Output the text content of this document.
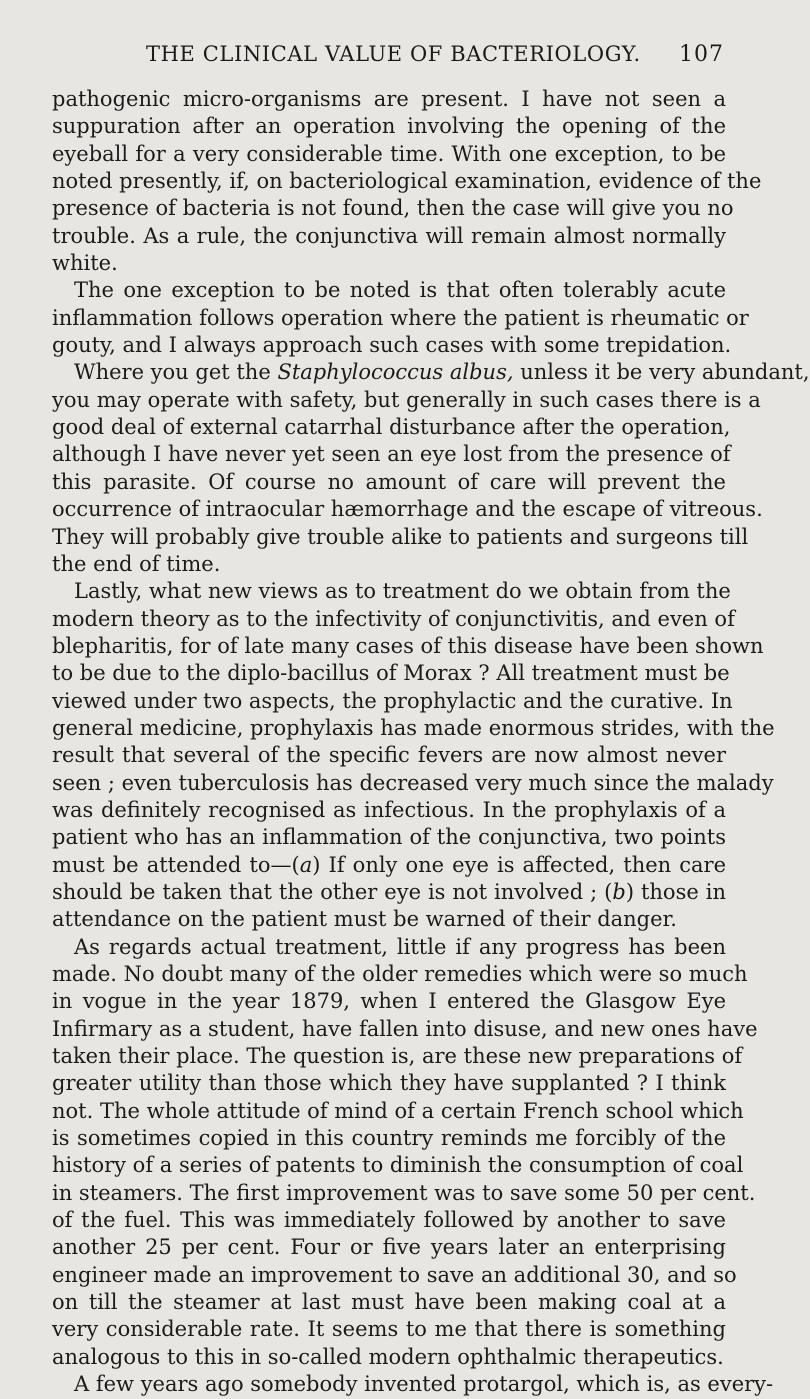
THE CLINICAL VALUE OF BACTERIOLOGY. 107

pathogenic micro-organisms are present. I have not seen a
suppuration after an operation involving the opening of the
eyeball for a very considerable time. With one exception, to be
noted presently, if, on bacteriological examination, evidence of the
presence of bacteria is not found, then the case will give you no
trouble. As a rule, the conjunctiva will remain almost normally
white.

The one exception to be noted is that often tolerably acute
inflammation follows operation where the patient is rheumatic or
gouty, and I always approach such cases with some trepidation.

Where you get the Staphylococcus albus, unless it be very abundant,
you may operate with safety, but generally in such cases there is a
good deal of external catarrhal disturbance after the operation,
although I have never yet seen an eye lost from the presence of
this parasite. Of course no amount of care will prevent the
occurrence of intraocular hæmorrhage and the escape of vitreous.
They will probably give trouble alike to patients and surgeons till
the end of time.

Lastly, what new views as to treatment do we obtain from the
modern theory as to the infectivity of conjunctivitis, and even of
blepharitis, for of late many cases of this disease have been shown
to be due to the diplo-bacillus of Morax ? All treatment must be
viewed under two aspects, the prophylactic and the curative. In
general medicine, prophylaxis has made enormous strides, with the
result that several of the specific fevers are now almost never
seen ; even tuberculosis has decreased very much since the malady
was definitely recognised as infectious. In the prophylaxis of a
patient who has an inflammation of the conjunctiva, two points
must be attended to—(a) If only one eye is affected, then care
should be taken that the other eye is not involved ; (b) those in
attendance on the patient must be warned of their danger.

As regards actual treatment, little if any progress has been
made. No doubt many of the older remedies which were so much
in vogue in the year 1879, when I entered the Glasgow Eye
Infirmary as a student, have fallen into disuse, and new ones have
taken their place. The question is, are these new preparations of
greater utility than those which they have supplanted ? I think
not. The whole attitude of mind of a certain French school which
is sometimes copied in this country reminds me forcibly of the
history of a series of patents to diminish the consumption of coal
in steamers. The first improvement was to save some 50 per cent.
of the fuel. This was immediately followed by another to save
another 25 per cent. Four or five years later an enterprising
engineer made an improvement to save an additional 30, and so
on till the steamer at last must have been making coal at a
very considerable rate. It seems to me that there is something
analogous to this in so-called modern ophthalmic therapeutics.

A few years ago somebody invented protargol, which is, as every-
